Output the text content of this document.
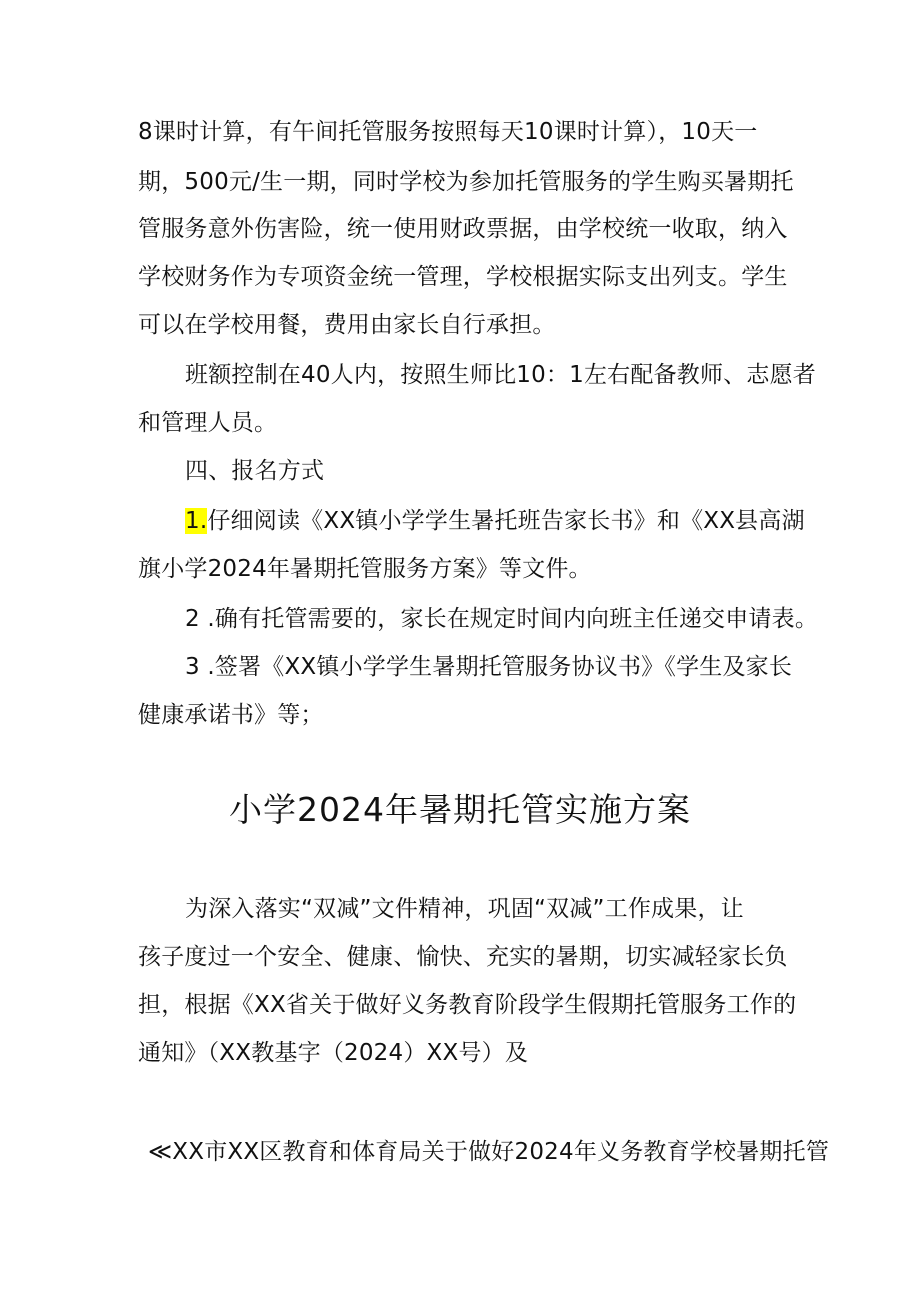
8课时计算，有午间托管服务按照每天10课时计算），10天一
期，500元/生一期，同时学校为参加托管服务的学生购买暑期托
管服务意外伤害险，统一使用财政票据，由学校统一收取，纳入
学校财务作为专项资金统一管理，学校根据实际支出列支。学生
可以在学校用餐，费用由家长自行承担。
班额控制在40人内，按照生师比10：1左右配备教师、志愿者
和管理人员。
四、报名方式
1.仔细阅读《XX镇小学学生暑托班告家长书》和《XX县高湖
旗小学2024年暑期托管服务方案》等文件。
2 .确有托管需要的，家长在规定时间内向班主任递交申请表。
3 .签署《XX镇小学学生暑期托管服务协议书》《学生及家长
健康承诺书》等；
小学2024年暑期托管实施方案
为深入落实“双减”文件精神，巩固“双减”工作成果，让
孩子度过一个安全、健康、愉快、充实的暑期，切实减轻家长负
担，根据《XX省关于做好义务教育阶段学生假期托管服务工作的
通知》（XX教基字（2024）XX号）及
≪XX市XX区教育和体育局关于做好2024年义务教育学校暑期托管
